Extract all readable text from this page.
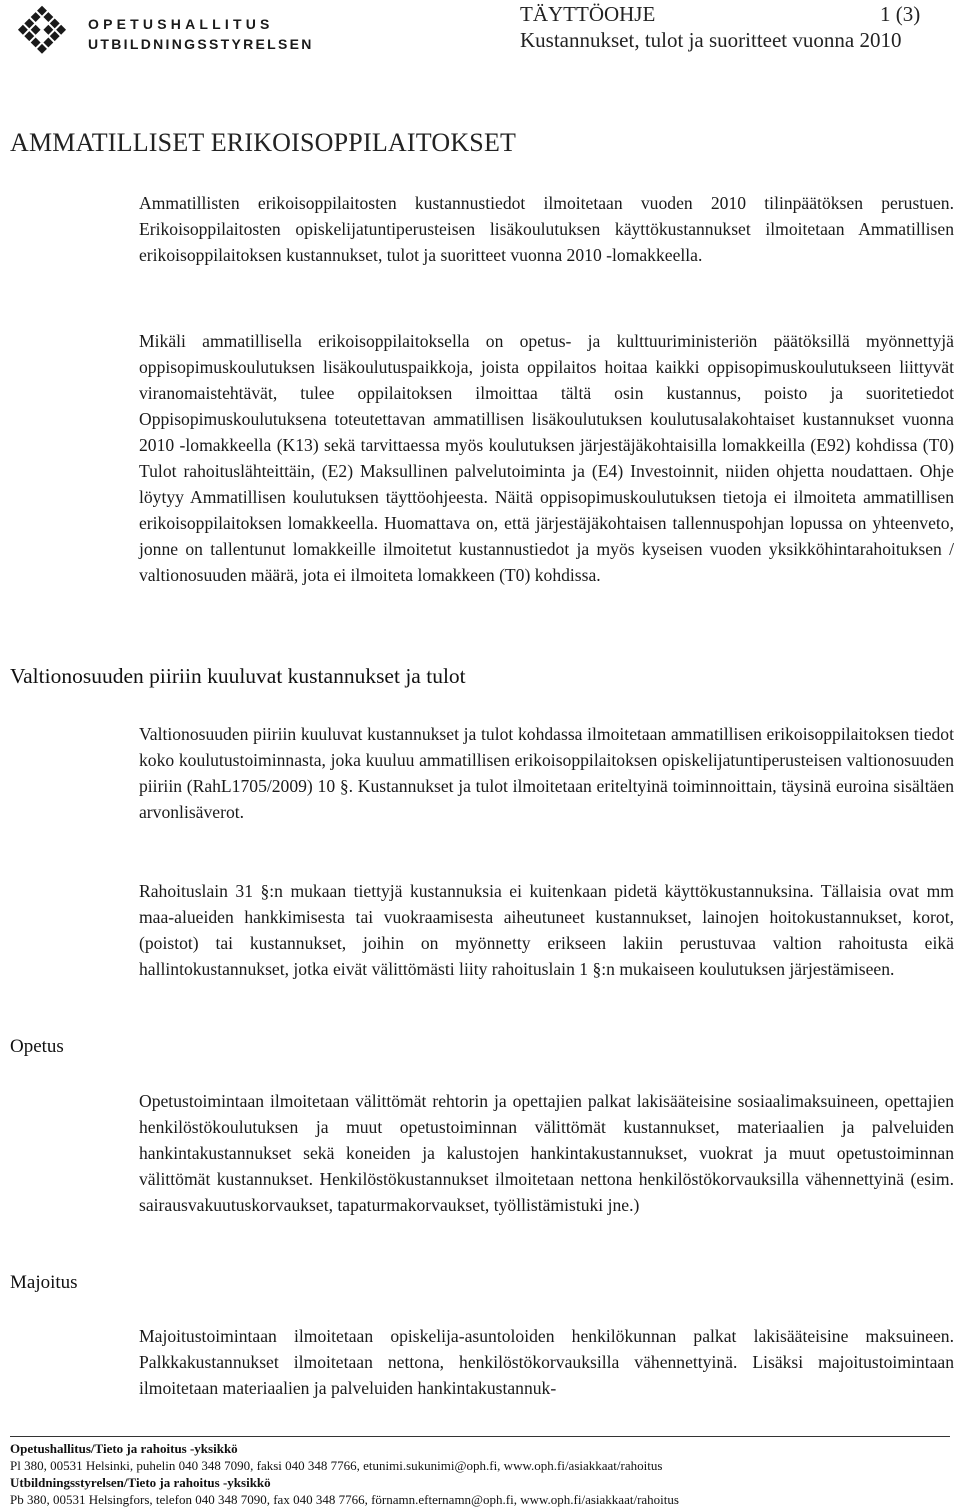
OPETUSHALLITUS
UTBILDNINGSSTYRELSEN
TÄYTTÖOHJE	1 (3)
Kustannukset, tulot ja suoritteet vuonna 2010
AMMATILLISET ERIKOISOPPILAITOKSET
Ammatillisten erikoisoppilaitosten kustannustiedot ilmoitetaan vuoden 2010 tilinpäätöksen perustuen. Erikoisoppilaitosten opiskelijatuntiperusteisen lisäkoulutuksen käyttökustannukset ilmoitetaan Ammatillisen erikoisoppilaitoksen kustannukset, tulot ja suoritteet vuonna 2010 -lomakkeella.
Mikäli ammatillisella erikoisoppilaitoksella on opetus- ja kulttuuriministeriön päätöksillä myönnettyjä oppisopimuskoulutuksen lisäkoulutuspaikkoja, joista oppilaitos hoitaa kaikki oppisopimuskoulutukseen liittyvät viranomaistehtävät, tulee oppilaitoksen ilmoittaa tältä osin kustannus, poisto ja suoritetiedot Oppisopimuskoulutuksena toteutettavan ammatillisen lisäkoulutuksen koulutusalakohtaiset kustannukset vuonna 2010 -lomakkeella (K13) sekä tarvittaessa myös koulutuksen järjestäjäkohtaisilla lomakkeilla (E92) kohdissa (T0) Tulot rahoituslähteittäin, (E2) Maksullinen palvelutoiminta ja (E4) Investoinnit, niiden ohjetta noudattaen. Ohje löytyy Ammatillisen koulutuksen täyttöohjeesta. Näitä oppisopimuskoulutuksen tietoja ei ilmoiteta ammatillisen erikoisoppilaitoksen lomakkeella. Huomattava on, että järjestäjäkohtaisen tallennuspohjan lopussa on yhteenveto, jonne on tallentunut lomakkeille ilmoitetut kustannustiedot ja myös kyseisen vuoden yksikköhintarahoituksen / valtionosuuden määrä, jota ei ilmoiteta lomakkeen (T0) kohdissa.
Valtionosuuden piiriin kuuluvat kustannukset ja tulot
Valtionosuuden piiriin kuuluvat kustannukset ja tulot kohdassa ilmoitetaan ammatillisen erikoisoppilaitoksen tiedot koko koulutustoiminnasta, joka kuuluu ammatillisen erikoisoppilaitoksen opiskelijatuntiperusteisen valtionosuuden piiriin (RahL1705/2009) 10 §. Kustannukset ja tulot ilmoitetaan eriteltyinä toiminnoittain, täysinä euroina sisältäen arvonlisäverot.
Rahoituslain 31 §:n mukaan tiettyjä kustannuksia ei kuitenkaan pidetä käyttökustannuksina. Tällaisia ovat mm maa-alueiden hankkimisesta tai vuokraamisesta aiheutuneet kustannukset, lainojen hoitokustannukset, korot, (poistot) tai kustannukset, joihin on myönnetty erikseen lakiin perustuvaa valtion rahoitusta eikä hallintokustannukset, jotka eivät välittömästi liity rahoituslain 1 §:n mukaiseen koulutuksen järjestämiseen.
Opetus
Opetustoimintaan ilmoitetaan välittömät rehtorin ja opettajien palkat lakisääteisine sosiaalimaksuineen, opettajien henkilöstökoulutuksen ja muut opetustoiminnan välittömät kustannukset, materiaalien ja palveluiden hankintakustannukset sekä koneiden ja kalustojen hankintakustannukset, vuokrat ja muut opetustoiminnan välittömät kustannukset. Henkilöstökustannukset ilmoitetaan nettona henkilöstökorvauksilla vähennettyinä (esim. sairausvakuutuskorvaukset, tapaturmakorvaukset, työllistämistuki jne.)
Majoitus
Majoitustoimintaan ilmoitetaan opiskelija-asuntoloiden henkilökunnan palkat lakisääteisine maksuineen. Palkkakustannukset ilmoitetaan nettona, henkilöstökorvauksilla vähennettyinä. Lisäksi majoitustoimintaan ilmoitetaan materiaalien ja palveluiden hankintakustannuk-
Opetushallitus/Tieto ja rahoitus -yksikkö
Pl 380, 00531 Helsinki, puhelin 040 348 7090, faksi 040 348 7766, etunimi.sukunimi@oph.fi, www.oph.fi/asiakkaat/rahoitus
Utbildningsstyrelsen/Tieto ja rahoitus -yksikkö
Pb 380, 00531 Helsingfors, telefon 040 348 7090, fax 040 348 7766, förnamn.efternamn@oph.fi, www.oph.fi/asiakkaat/rahoitus
